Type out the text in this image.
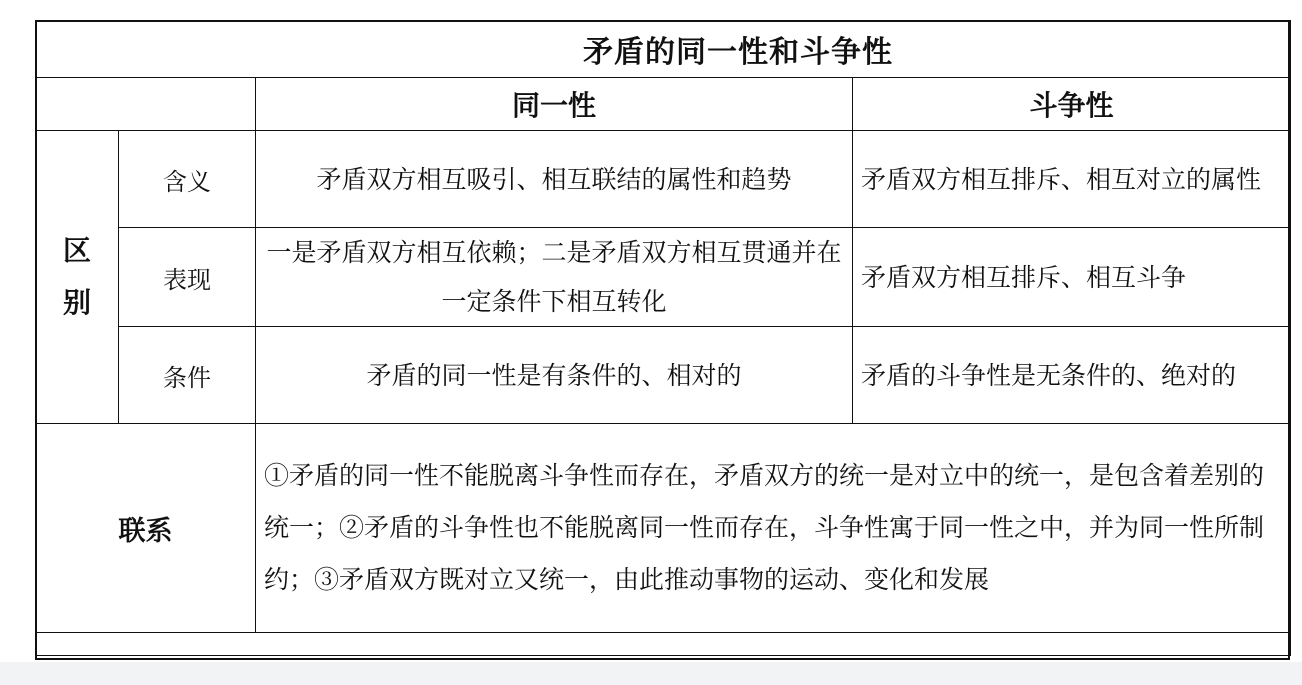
矛盾的同一性和斗争性			
		同一性	斗争性

区
别	含义	矛盾双方相互吸引、相互联结的属性和趋势	矛盾双方相互排斥、相互对立的属性
	表现	一是矛盾双方相互依赖；二是矛盾双方相互贯通并在一定条件下相互转化	矛盾双方相互排斥、相互斗争
	条件	矛盾的同一性是有条件的、相对的	矛盾的斗争性是无条件的、绝对的
联系		①矛盾的同一性不能脱离斗争性而存在，矛盾双方的统一是对立中的统一，是包含着差别的统一；②矛盾的斗争性也不能脱离同一性而存在，斗争性寓于同一性之中，并为同一性所制约；③矛盾双方既对立又统一，由此推动事物的运动、变化和发展	
